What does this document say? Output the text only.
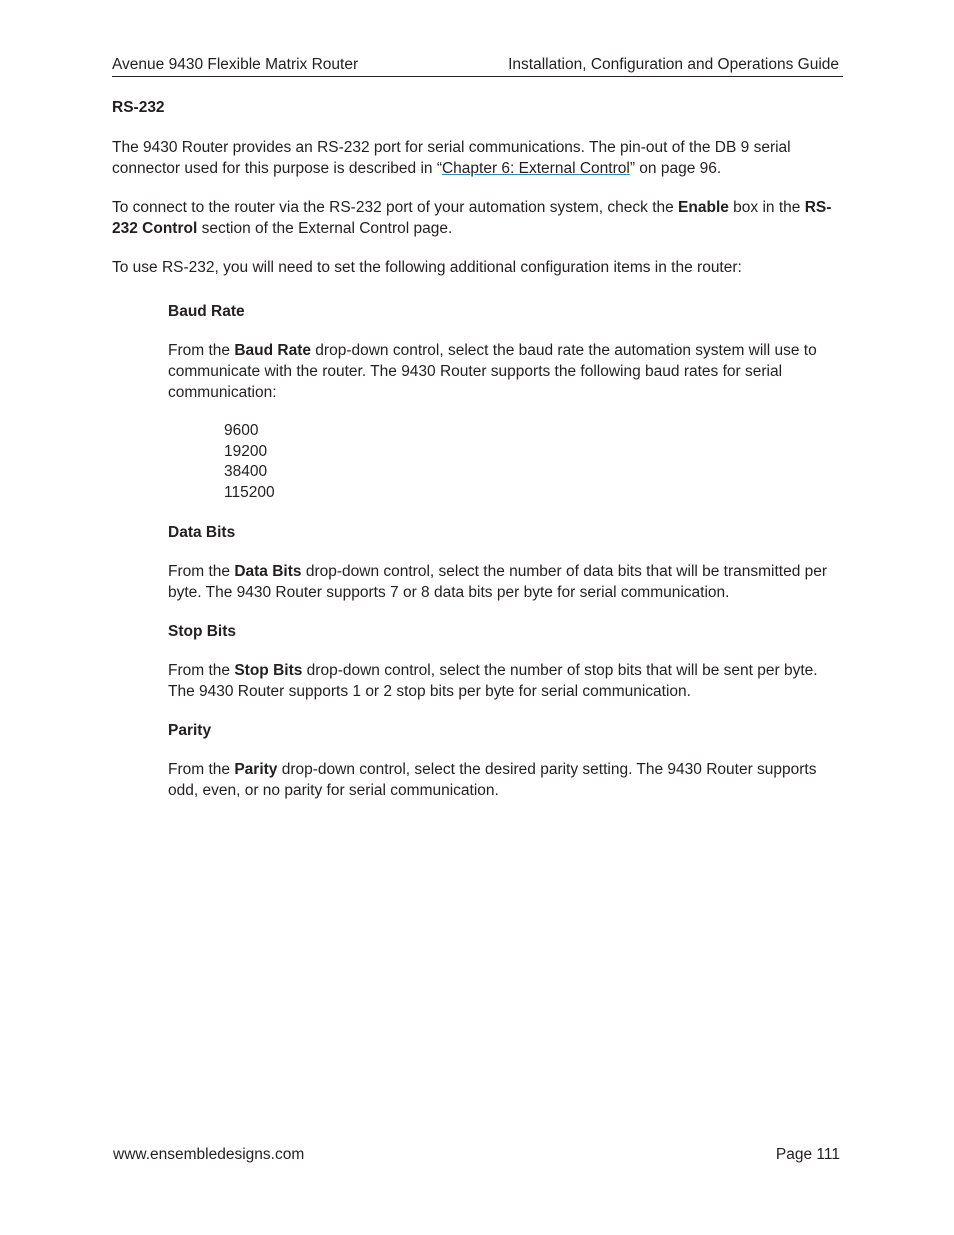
Avenue 9430 Flexible Matrix Router	Installation, Configuration and Operations Guide
RS-232

The 9430 Router provides an RS-232 port for serial communications. The pin-out of the DB 9 serial connector used for this purpose is described in “Chapter 6: External Control” on page 96.

To connect to the router via the RS-232 port of your automation system, check the Enable box in the RS-232 Control section of the External Control page.

To use RS-232, you will need to set the following additional configuration items in the router:

Baud Rate

From the Baud Rate drop-down control, select the baud rate the automation system will use to communicate with the router. The 9430 Router supports the following baud rates for serial communication:

9600
19200
38400
115200
Data Bits

From the Data Bits drop-down control, select the number of data bits that will be transmitted per byte. The 9430 Router supports 7 or 8 data bits per byte for serial communication.

Stop Bits

From the Stop Bits drop-down control, select the number of stop bits that will be sent per byte. The 9430 Router supports 1 or 2 stop bits per byte for serial communication.

Parity

From the Parity drop-down control, select the desired parity setting. The 9430 Router supports odd, even, or no parity for serial communication.

www.ensembledesigns.com	Page 111
